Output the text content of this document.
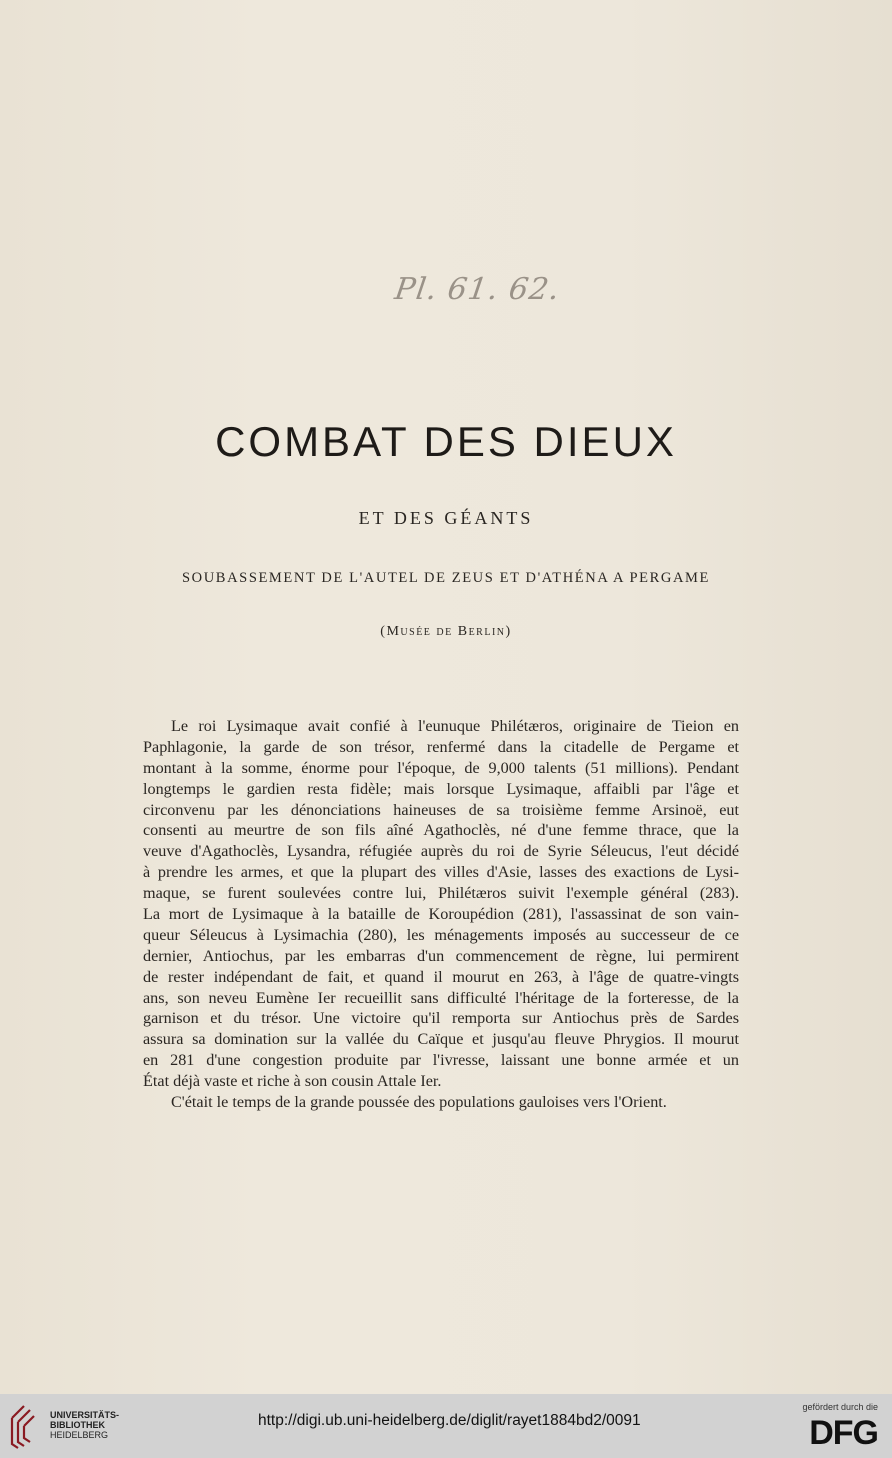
Pl. 61. 62.
COMBAT DES DIEUX
ET DES GÉANTS
SOUBASSEMENT DE L'AUTEL DE ZEUS ET D'ATHÉNA A PERGAME
(Musée de Berlin)
Le roi Lysimaque avait confié à l'eunuque Philétæros, originaire de Tieion en
Paphlagonie, la garde de son trésor, renfermé dans la citadelle de Pergame et
montant à la somme, énorme pour l'époque, de 9,000 talents (51 millions). Pendant
longtemps le gardien resta fidèle; mais lorsque Lysimaque, affaibli par l'âge et
circonvenu par les dénonciations haineuses de sa troisième femme Arsinoë, eut
consenti au meurtre de son fils aîné Agathoclès, né d'une femme thrace, que la
veuve d'Agathoclès, Lysandra, réfugiée auprès du roi de Syrie Séleucus, l'eut décidé
à prendre les armes, et que la plupart des villes d'Asie, lasses des exactions de Lysi-
maque, se furent soulevées contre lui, Philétæros suivit l'exemple général (283).
La mort de Lysimaque à la bataille de Koroupédion (281), l'assassinat de son vain-
queur Séleucus à Lysimachia (280), les ménagements imposés au successeur de ce
dernier, Antiochus, par les embarras d'un commencement de règne, lui permirent
de rester indépendant de fait, et quand il mourut en 263, à l'âge de quatre-vingts
ans, son neveu Eumène Ier recueillit sans difficulté l'héritage de la forteresse, de la
garnison et du trésor. Une victoire qu'il remporta sur Antiochus près de Sardes
assura sa domination sur la vallée du Caïque et jusqu'au fleuve Phrygios. Il mourut
en 281 d'une congestion produite par l'ivresse, laissant une bonne armée et un
État déjà vaste et riche à son cousin Attale Ier.
C'était le temps de la grande poussée des populations gauloises vers l'Orient.
UNIVERSITÄTS-
BIBLIOTHEK
HEIDELBERG
http://digi.ub.uni-heidelberg.de/diglit/rayet1884bd2/0091
gefördert durch die
DFG
